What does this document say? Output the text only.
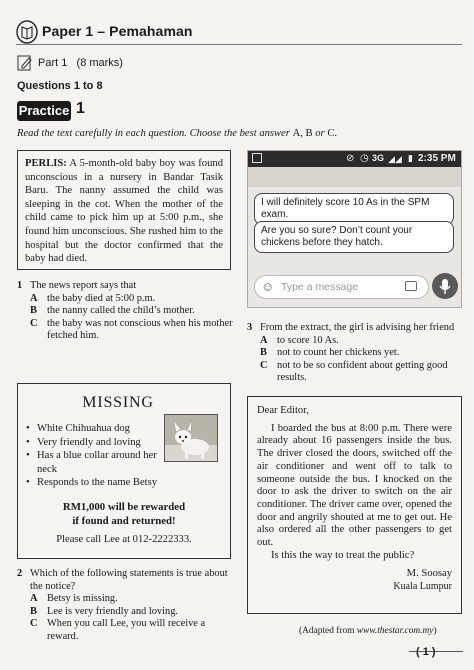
Paper 1 – Pemahaman
Part 1 (8 marks)
Questions 1 to 8
Practice 1
Read the text carefully in each question. Choose the best answer A, B or C.
PERLIS: A 5-month-old baby boy was found unconscious in a nursery in Bandar Tasik Baru. The nanny assumed the child was sleeping in the cot. When the mother of the child came to pick him up at 5:00 p.m., she found him unconscious. She rushed him to the hospital but the doctor confirmed that the baby had died.
1 The news report says that
A the baby died at 5:00 p.m.
B the nanny called the child’s mother.
C the baby was not conscious when his mother fetched him.
MISSING
• White Chihuahua dog
• Very friendly and loving
• Has a blue collar around her neck
• Responds to the name Betsy
RM1,000 will be rewarded
if found and returned!
Please call Lee at 012-2222333.
2 Which of the following statements is true about the notice?
A Betsy is missing.
B Lee is very friendly and loving.
C When you call Lee, you will receive a reward.
⊘ ◷ 3G ◢◢ ▮ 2:35 PM
I will definitely score 10 As in the SPM exam.
Are you so sure? Don’t count your chickens before they hatch.
☺ Type a message
3 From the extract, the girl is advising her friend
A to score 10 As.
B not to count her chickens yet.
C not to be so confident about getting good results.
Dear Editor,
I boarded the bus at 8:00 p.m. There were already about 16 passengers inside the bus. The driver closed the doors, switched off the air conditioner and went off to talk to someone outside the bus. I knocked on the door to ask the driver to switch on the air conditioner. The driver came over, opened the door and angrily shouted at me to get out. He also ordered all the other passengers to get out.
Is this the way to treat the public?
M. Soosay
Kuala Lumpur
(Adapted from www.thestar.com.my)
( 1 )
